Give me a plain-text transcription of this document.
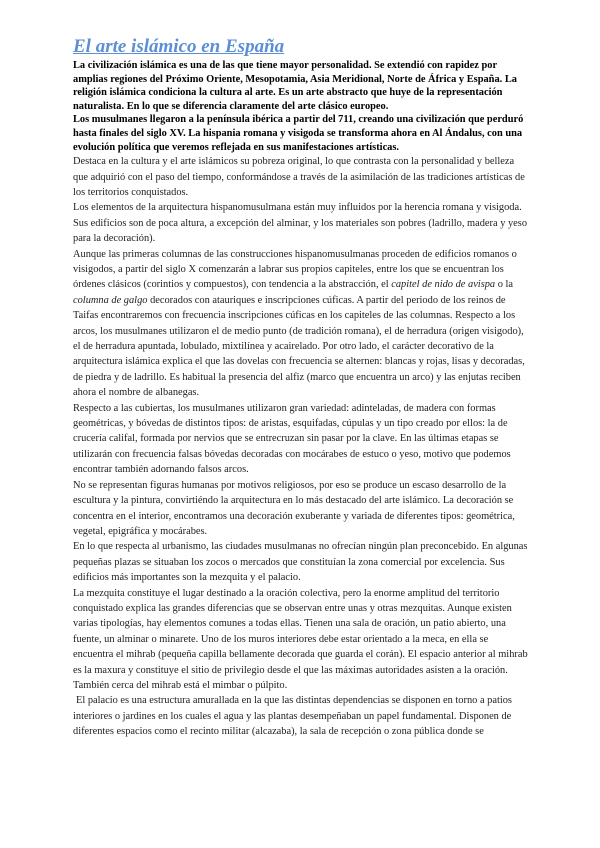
El arte islámico en España

La civilización islámica es una de las que tiene mayor personalidad. Se extendió con rapidez por amplias regiones del Próximo Oriente, Mesopotamia, Asia Meridional, Norte de África y España. La religión islámica condiciona la cultura al arte. Es un arte abstracto que huye de la representación naturalista. En lo que se diferencia claramente del arte clásico europeo.

Los musulmanes llegaron a la península ibérica a partir del 711, creando una civilización que perduró hasta finales del siglo XV. La hispania romana y visigoda se transforma ahora en Al Ándalus, con una evolución política que veremos reflejada en sus manifestaciones artísticas.

Destaca en la cultura y el arte islámicos su pobreza original, lo que contrasta con la personalidad y belleza que adquirió con el paso del tiempo, conformándose a través de la asimilación de las tradiciones artísticas de los territorios conquistados.

Los elementos de la arquitectura hispanomusulmana están muy influidos por la herencia romana y visigoda. Sus edificios son de poca altura, a excepción del alminar, y los materiales son pobres (ladrillo, madera y yeso para la decoración).

Aunque las primeras columnas de las construcciones hispanomusulmanas proceden de edificios romanos o visigodos, a partir del siglo X comenzarán a labrar sus propios capiteles, entre los que se encuentran los órdenes clásicos (corintios y compuestos), con tendencia a la abstracción, el capitel de nido de avispa o la columna de galgo decorados con atauriques e inscripciones cúficas. A partir del periodo de los reinos de Taifas encontraremos con frecuencia inscripciones cúficas en los capiteles de las columnas. Respecto a los arcos, los musulmanes utilizaron el de medio punto (de tradición romana), el de herradura (origen visigodo), el de herradura apuntada, lobulado, mixtilínea y acairelado. Por otro lado, el carácter decorativo de la arquitectura islámica explica el que las dovelas con frecuencia se alternen: blancas y rojas, lisas y decoradas, de piedra y de ladrillo. Es habitual la presencia del alfiz (marco que encuentra un arco) y las enjutas reciben ahora el nombre de albanegas.

Respecto a las cubiertas, los musulmanes utilizaron gran variedad: adinteladas, de madera con formas geométricas, y bóvedas de distintos tipos: de aristas, esquifadas, cúpulas y un tipo creado por ellos: la de crucería califal, formada por nervios que se entrecruzan sin pasar por la clave. En las últimas etapas se utilizarán con frecuencia falsas bóvedas decoradas con mocárabes de estuco o yeso, motivo que podemos encontrar también adornando falsos arcos.

No se representan figuras humanas por motivos religiosos, por eso se produce un escaso desarrollo de la escultura y la pintura, convirtiéndo la arquitectura en lo más destacado del arte islámico. La decoración se concentra en el interior, encontramos una decoración exuberante y variada de diferentes tipos: geométrica, vegetal, epigráfica y mocárabes.

En lo que respecta al urbanismo, las ciudades musulmanas no ofrecían ningún plan preconcebido. En algunas pequeñas plazas se situaban los zocos o mercados que constituían la zona comercial por excelencia. Sus edificios más importantes son la mezquita y el palacio.

La mezquita constituye el lugar destinado a la oración colectiva, pero la enorme amplitud del territorio conquistado explica las grandes diferencias que se observan entre unas y otras mezquitas. Aunque existen varias tipologías, hay elementos comunes a todas ellas. Tienen una sala de oración, un patio abierto, una fuente, un alminar o minarete. Uno de los muros interiores debe estar orientado a la meca, en ella se encuentra el mihrab (pequeña capilla bellamente decorada que guarda el corán). El espacio anterior al mihrab es la maxura y constituye el sitio de privilegio desde el que las máximas autoridades asisten a la oración. También cerca del mihrab está el mimbar o púlpito.

El palacio es una estructura amurallada en la que las distintas dependencias se disponen en torno a patios interiores o jardines en los cuales el agua y las plantas desempeñaban un papel fundamental. Disponen de diferentes espacios como el recinto militar (alcazaba), la sala de recepción o zona pública donde se
